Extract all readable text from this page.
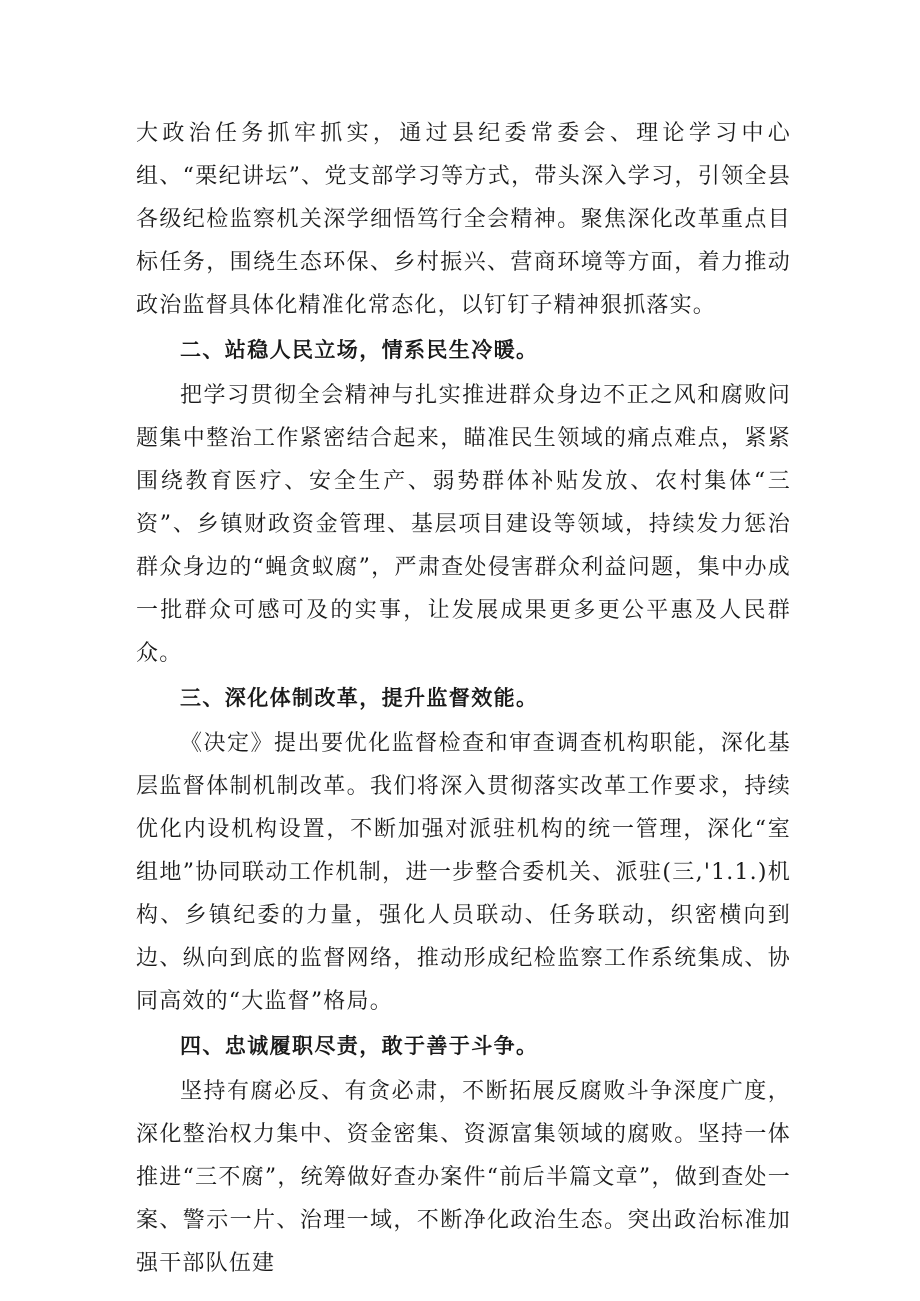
大政治任务抓牢抓实，通过县纪委常委会、理论学习中心组、“栗纪讲坛”、党支部学习等方式，带头深入学习，引领全县各级纪检监察机关深学细悟笃行全会精神。聚焦深化改革重点目标任务，围绕生态环保、乡村振兴、营商环境等方面，着力推动政治监督具体化精准化常态化，以钉钉子精神狠抓落实。

二、站稳人民立场，情系民生冷暖。

把学习贯彻全会精神与扎实推进群众身边不正之风和腐败问题集中整治工作紧密结合起来，瞄准民生领域的痛点难点，紧紧围绕教育医疗、安全生产、弱势群体补贴发放、农村集体“三资”、乡镇财政资金管理、基层项目建设等领域，持续发力惩治群众身边的“蝇贪蚁腐”，严肃查处侵害群众利益问题，集中办成一批群众可感可及的实事，让发展成果更多更公平惠及人民群众。

三、深化体制改革，提升监督效能。

《决定》提出要优化监督检查和审查调查机构职能，深化基层监督体制机制改革。我们将深入贯彻落实改革工作要求，持续优化内设机构设置，不断加强对派驻机构的统一管理，深化“室组地”协同联动工作机制，进一步整合委机关、派驻(三,'1.1.)机构、乡镇纪委的力量，强化人员联动、任务联动，织密横向到边、纵向到底的监督网络，推动形成纪检监察工作系统集成、协同高效的“大监督”格局。

四、忠诚履职尽责，敢于善于斗争。

坚持有腐必反、有贪必肃，不断拓展反腐败斗争深度广度，深化整治权力集中、资金密集、资源富集领域的腐败。坚持一体推进“三不腐”，统筹做好查办案件“前后半篇文章”，做到查处一案、警示一片、治理一域，不断净化政治生态。突出政治标准加强干部队伍建
